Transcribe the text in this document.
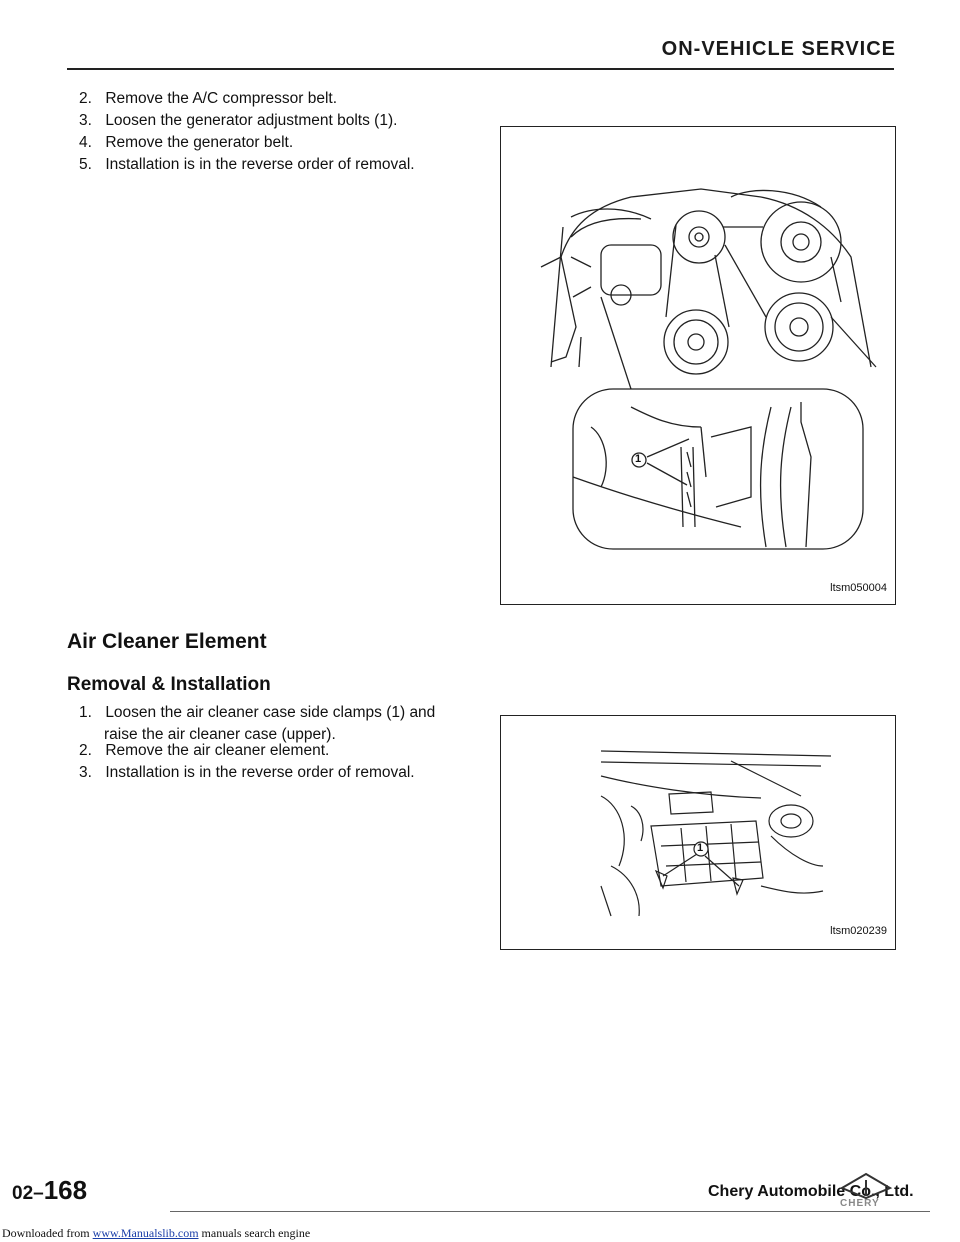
ON-VEHICLE SERVICE
2. Remove the A/C compressor belt.
3. Loosen the generator adjustment bolts (1).
4. Remove the generator belt.
5. Installation is in the reverse order of removal.
1
ltsm050004
Air Cleaner Element
Removal & Installation
1. Loosen the air cleaner case side clamps (1) and
raise the air cleaner case (upper).
2. Remove the air cleaner element.
3. Installation is in the reverse order of removal.
1
ltsm020239
02–168	Chery Automobile Co., Ltd.
CHERY
Downloaded from www.Manualslib.com manuals search engine
